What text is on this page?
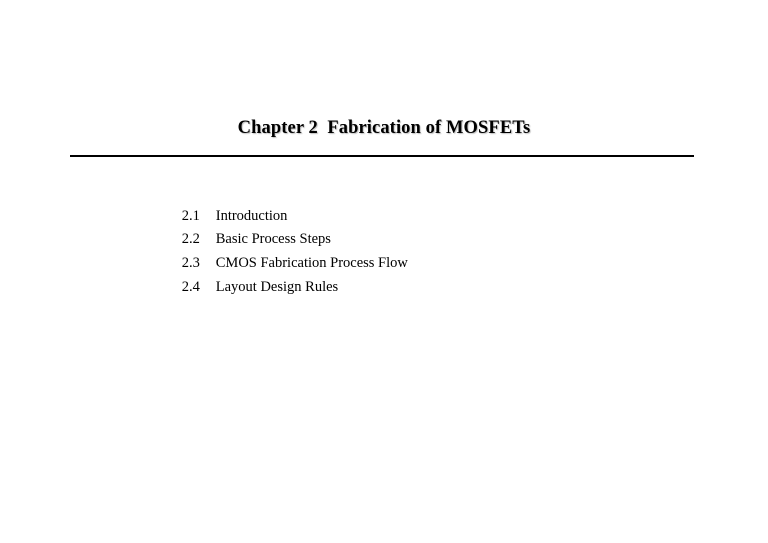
Chapter 2  Fabrication of MOSFETs

2.1 Introduction

2.2 Basic Process Steps

2.3 CMOS Fabrication Process Flow

2.4 Layout Design Rules
